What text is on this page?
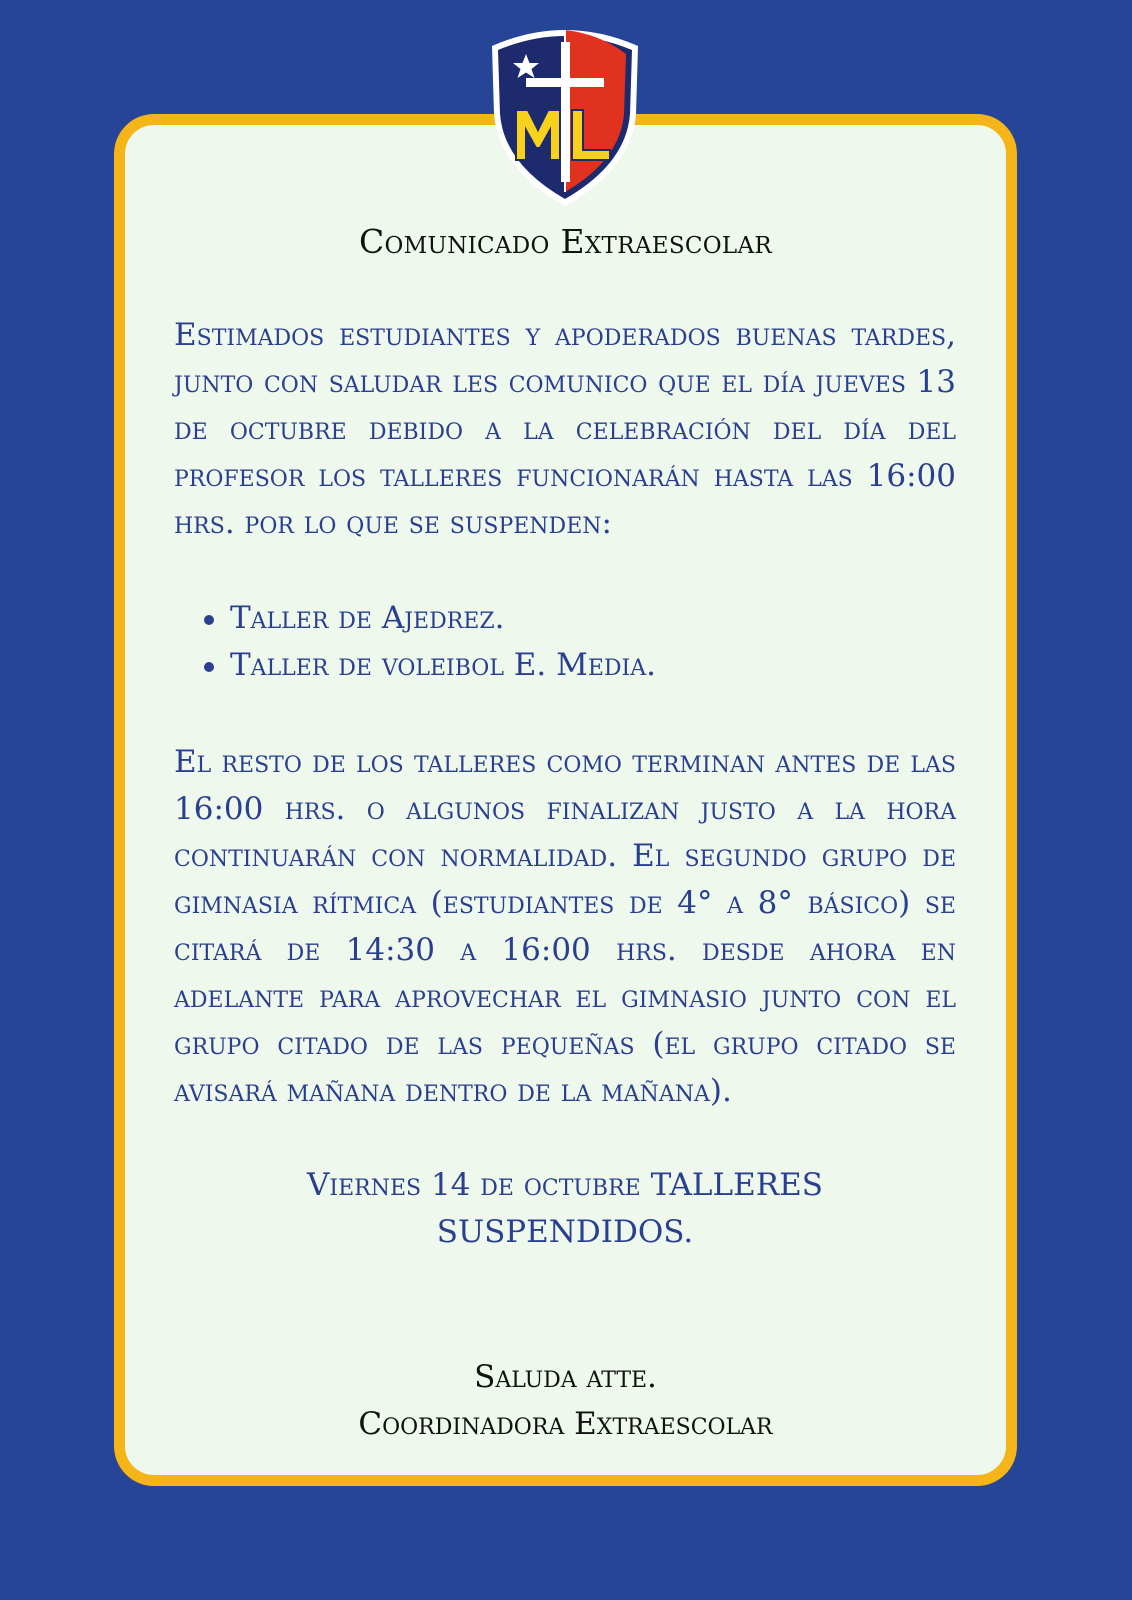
Comunicado Extraescolar

Estimados estudiantes y apoderados buenas tardes, junto con saludar les comunico que el día jueves 13 de octubre debido a la celebración del día del profesor los talleres funcionarán hasta las 16:00 hrs. por lo que se suspenden:

Taller de Ajedrez.
Taller de voleibol E. Media.

El resto de los talleres como terminan antes de las 16:00 hrs. o algunos finalizan justo a la hora continuarán con normalidad. El segundo grupo de gimnasia rítmica (estudiantes de 4° a 8° básico) se citará de 14:30 a 16:00 hrs. desde ahora en adelante para aprovechar el gimnasio junto con el grupo citado de las pequeñas (el grupo citado se avisará mañana dentro de la mañana).

Viernes 14 de octubre TALLERES SUSPENDIDOS.

Saluda atte.
Coordinadora Extraescolar
